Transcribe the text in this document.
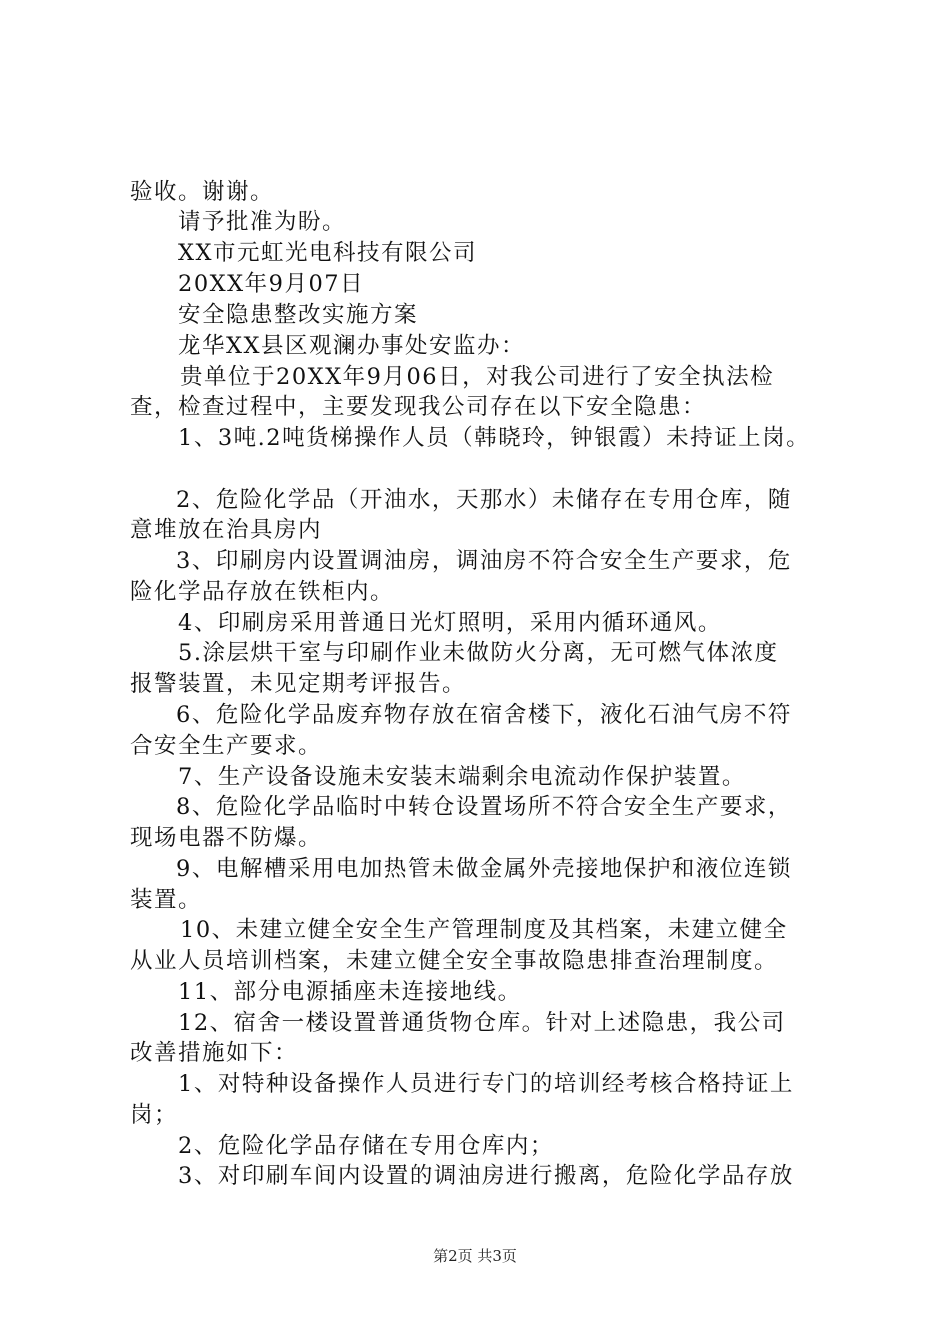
验收。谢谢。
请予批准为盼。
XX市元虹光电科技有限公司
20XX年9月07日
安全隐患整改实施方案
龙华XX县区观澜办事处安监办：
贵单位于20XX年9月06日，对我公司进行了安全执法检
查，检查过程中，主要发现我公司存在以下安全隐患：
1、3吨.2吨货梯操作人员（韩晓玲，钟银霞）未持证上岗。
2、危险化学品（开油水，天那水）未储存在专用仓库，随
意堆放在治具房内
3、印刷房内设置调油房，调油房不符合安全生产要求，危
险化学品存放在铁柜内。
4、印刷房采用普通日光灯照明，采用内循环通风。
5.涂层烘干室与印刷作业未做防火分离，无可燃气体浓度
报警装置，未见定期考评报告。
6、危险化学品废弃物存放在宿舍楼下，液化石油气房不符
合安全生产要求。
7、生产设备设施未安装末端剩余电流动作保护装置。
8、危险化学品临时中转仓设置场所不符合安全生产要求，
现场电器不防爆。
9、电解槽采用电加热管未做金属外壳接地保护和液位连锁
装置。
10、未建立健全安全生产管理制度及其档案，未建立健全
从业人员培训档案，未建立健全安全事故隐患排查治理制度。
11、部分电源插座未连接地线。
12、宿舍一楼设置普通货物仓库。针对上述隐患，我公司
改善措施如下：
1、对特种设备操作人员进行专门的培训经考核合格持证上
岗；
2、危险化学品存储在专用仓库内；
3、对印刷车间内设置的调油房进行搬离，危险化学品存放
第2页 共3页
